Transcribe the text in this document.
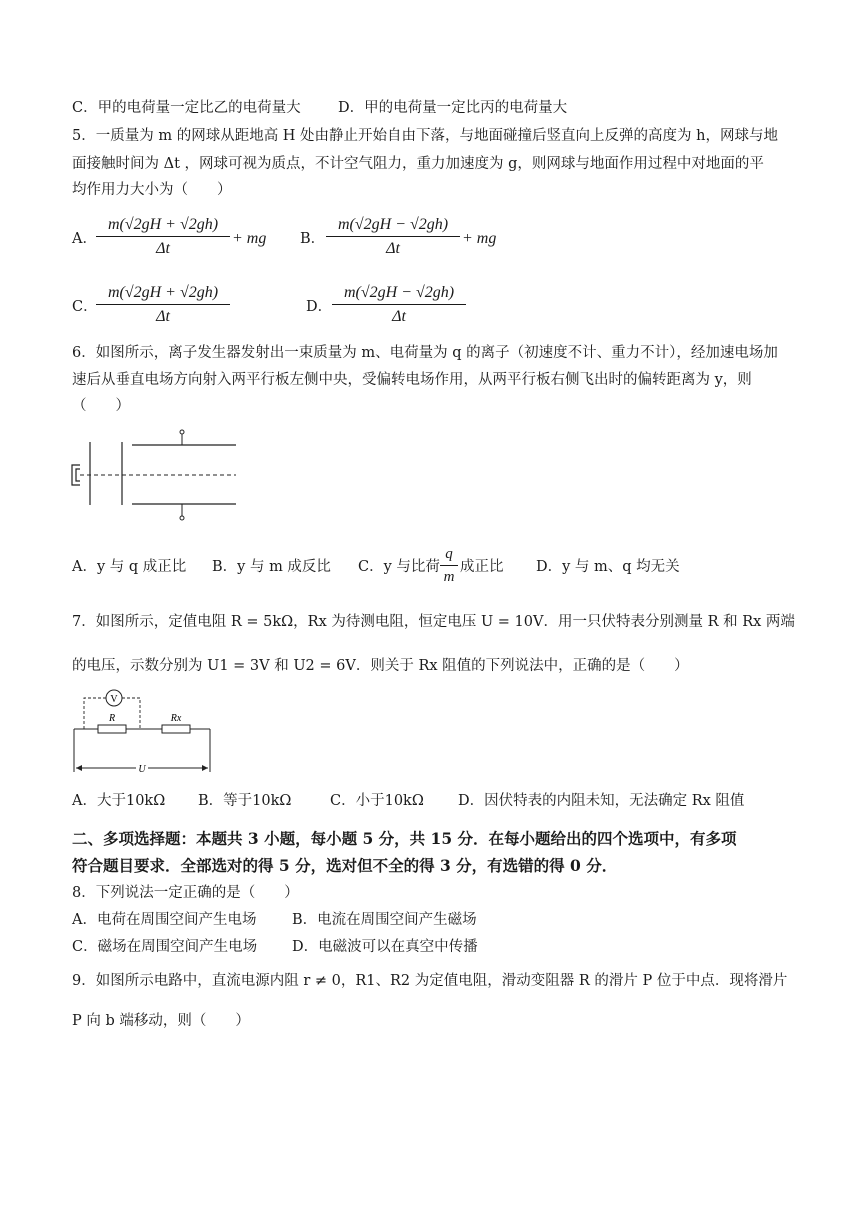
C．甲的电荷量一定比乙的电荷量大	D．甲的电荷量一定比丙的电荷量大
5．一质量为 m 的网球从距地高 H 处由静止开始自由下落，与地面碰撞后竖直向上反弹的高度为 h，网球与地
面接触时间为 Δt ，网球可视为质点，不计空气阻力，重力加速度为 g，则网球与地面作用过程中对地面的平
均作用力大小为（　　）
A． $\frac{m(√2gH + √2gh)}{\Delta t}$ + mg B． $\frac{m(√2gH - √2gh)}{\Delta t}$ + mg
C．
$\frac{m(√2gH + √2gh)}{\Delta t}$	D． $\frac{m(√2gH - √2gh)}{\Delta t}$
6．如图所示，离子发生器发射出一束质量为 m、电荷量为 q 的离子（初速度不计、重力不计），经加速电场加
速后从垂直电场方向射入两平行板左侧中央，受偏转电场作用，从两平行板右侧飞出时的偏转距离为 y，则
（　　）
A．y 与 q 成正比 B．y 与 m 成反比 C．y 与比荷 $\frac{q}{m}$ 成正比 D．y 与 m、q 均无关
7．如图所示，定值电阻 R = 5kΩ，Rx 为待测电阻，恒定电压 U = 10V．用一只伏特表分别测量 R 和 Rx 两端
的电压，示数分别为 U1 = 3V 和 U2 = 6V．则关于 Rx 阻值的下列说法中，正确的是（　　）
V
R	Rx
U
A．大于10kΩ B．等于10kΩ	C．小于10kΩ D．因伏特表的内阻未知，无法确定 Rx 阻值
二、多项选择题：本题共 3 小题，每小题 5 分，共 15 分．在每小题给出的四个选项中，有多项
符合题目要求．全部选对的得 5 分，选对但不全的得 3 分，有选错的得 0 分．
8．下列说法一定正确的是（　　）
A．电荷在周围空间产生电场 B．电流在周围空间产生磁场
C．磁场在周围空间产生电场 D．电磁波可以在真空中传播
9．如图所示电路中，直流电源内阻 r ≠ 0，R1、R2 为定值电阻，滑动变阻器 R 的滑片 P 位于中点．现将滑片
P 向 b 端移动，则（　　）
